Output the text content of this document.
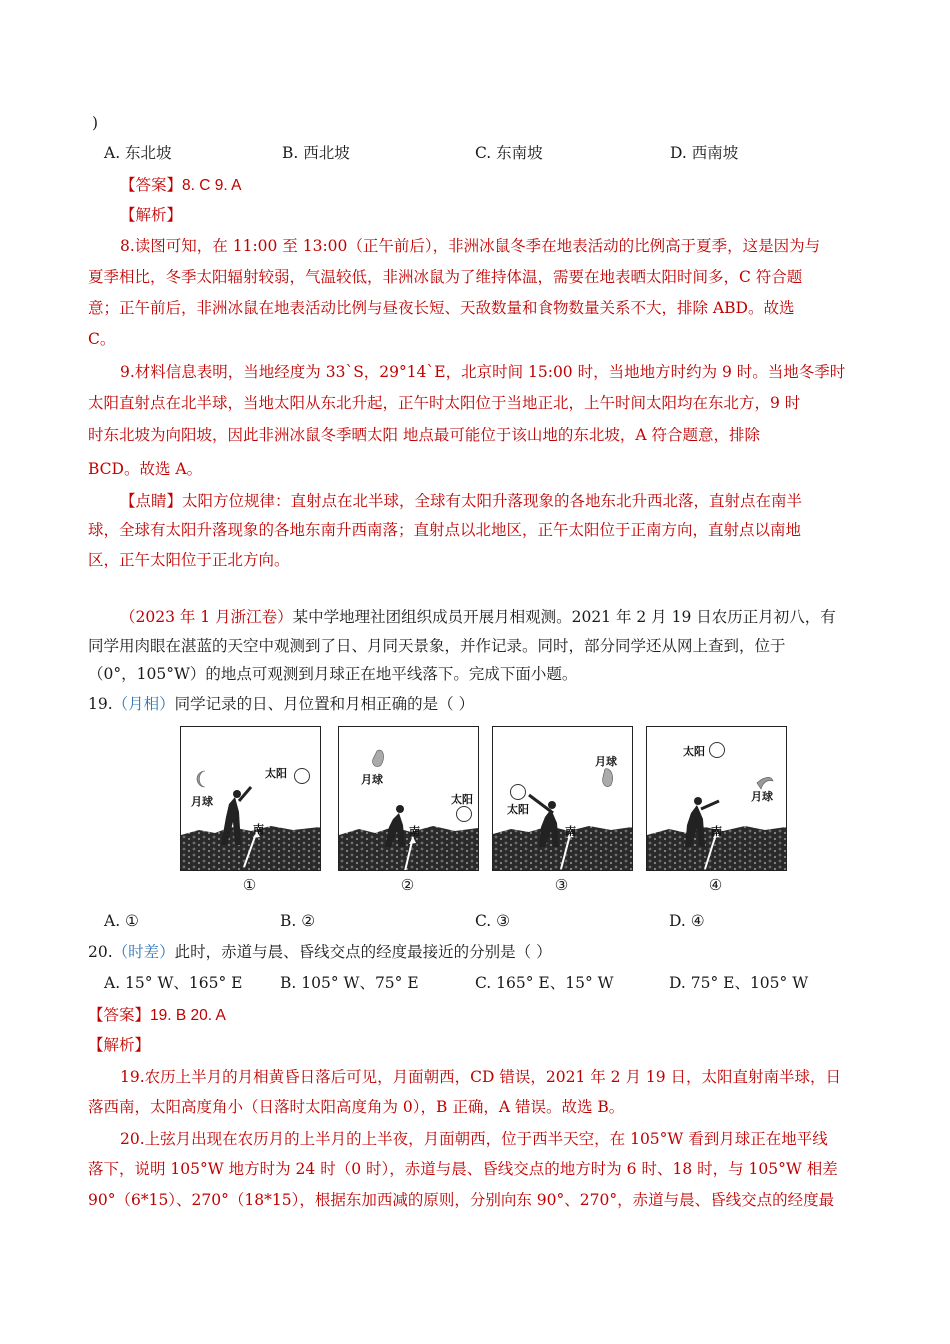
)
A. 东北坡	B. 西北坡	C. 东南坡	D. 西南坡
【答案】8. C 9. A
【解析】
8.读图可知，在 11:00 至 13:00（正午前后），非洲冰鼠冬季在地表活动的比例高于夏季，这是因为与
夏季相比，冬季太阳辐射较弱，气温较低，非洲冰鼠为了维持体温，需要在地表晒太阳时间多，C 符合题
意；正午前后，非洲冰鼠在地表活动比例与昼夜长短、天敌数量和食物数量关系不大，排除 ABD。故选
C。
9.材料信息表明，当地经度为 33`S，29°14`E，北京时间 15:00 时，当地地方时约为 9 时。当地冬季时
太阳直射点在北半球，当地太阳从东北升起，正午时太阳位于当地正北，上午时间太阳均在东北方，9 时
时东北坡为向阳坡，因此非洲冰鼠冬季晒太阳 地点最可能位于该山地的东北坡，A 符合题意，排除
BCD。故选 A。
【点睛】太阳方位规律：直射点在北半球，全球有太阳升落现象的各地东北升西北落，直射点在南半
球，全球有太阳升落现象的各地东南升西南落；直射点以北地区，正午太阳位于正南方向，直射点以南地
区，正午太阳位于正北方向。
（2023 年 1 月浙江卷）某中学地理社团组织成员开展月相观测。2021 年 2 月 19 日农历正月初八，有
同学用肉眼在湛蓝的天空中观测到了日、月同天景象，并作记录。同时，部分同学还从网上查到，位于
（0°，105°W）的地点可观测到月球正在地平线落下。完成下面小题。
19.（月相）同学记录的日、月位置和月相正确的是（ ）
月球
太阳
南
月球
太阳
南
月球
太阳
南
太阳
月球
南
①	②	③	④
A. ①	B. ②	C. ③	D. ④
20.（时差）此时，赤道与晨、昏线交点的经度最接近的分别是（ ）
A. 15° W、165° E B. 105° W、75° E	C. 165° E、15° W	D. 75° E、105° W
【答案】19. B 20. A
【解析】
19.农历上半月的月相黄昏日落后可见，月面朝西，CD 错误，2021 年 2 月 19 日，太阳直射南半球，日
落西南，太阳高度角小（日落时太阳高度角为 0），B 正确，A 错误。故选 B。
20.上弦月出现在农历月的上半月的上半夜，月面朝西，位于西半天空，在 105°W 看到月球正在地平线
落下，说明 105°W 地方时为 24 时（0 时），赤道与晨、昏线交点的地方时为 6 时、18 时，与 105°W 相差
90°（6*15）、270°（18*15），根据东加西减的原则，分别向东 90°、270°，赤道与晨、昏线交点的经度最
